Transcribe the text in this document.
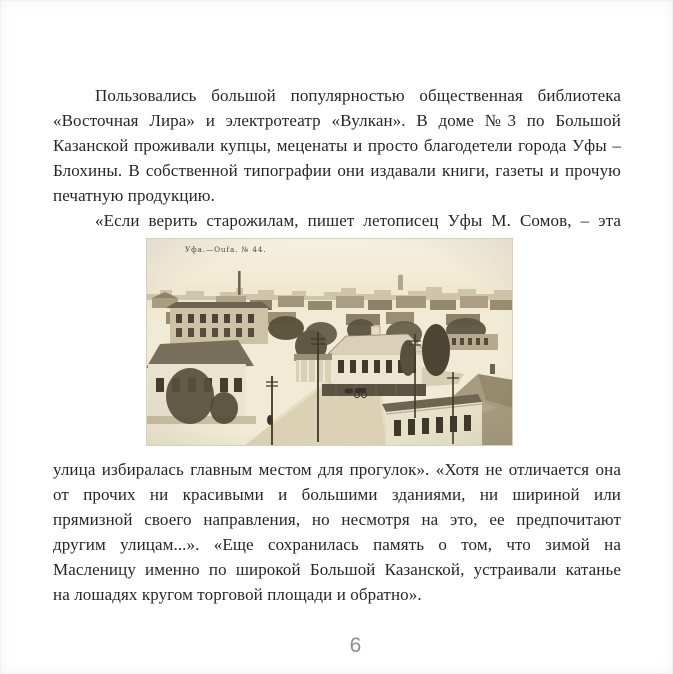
Пользовались большой популярностью общественная библиотека
«Восточная Лира» и электротеатр «Вулкан». В доме №3 по Большой
Казанской проживали купцы, меценаты и просто благодетели города Уфы –
Блохины. В собственной типографии они издавали книги, газеты и прочую
печатную продукцию.
«Если верить старожилам, пишет летописец Уфы М. Сомов, – эта
улица избиралась главным местом для прогулок». «Хотя не отличается она
от прочих ни красивыми и большими зданиями, ни шириной или
прямизной своего направления, но несмотря на это, ее предпочитают
другим улицам...». «Еще сохранилась память о том, что зимой на
Масленицу именно по широкой Большой Казанской, устраивали катанье
на лошадях кругом торговой площади и обратно».
6
